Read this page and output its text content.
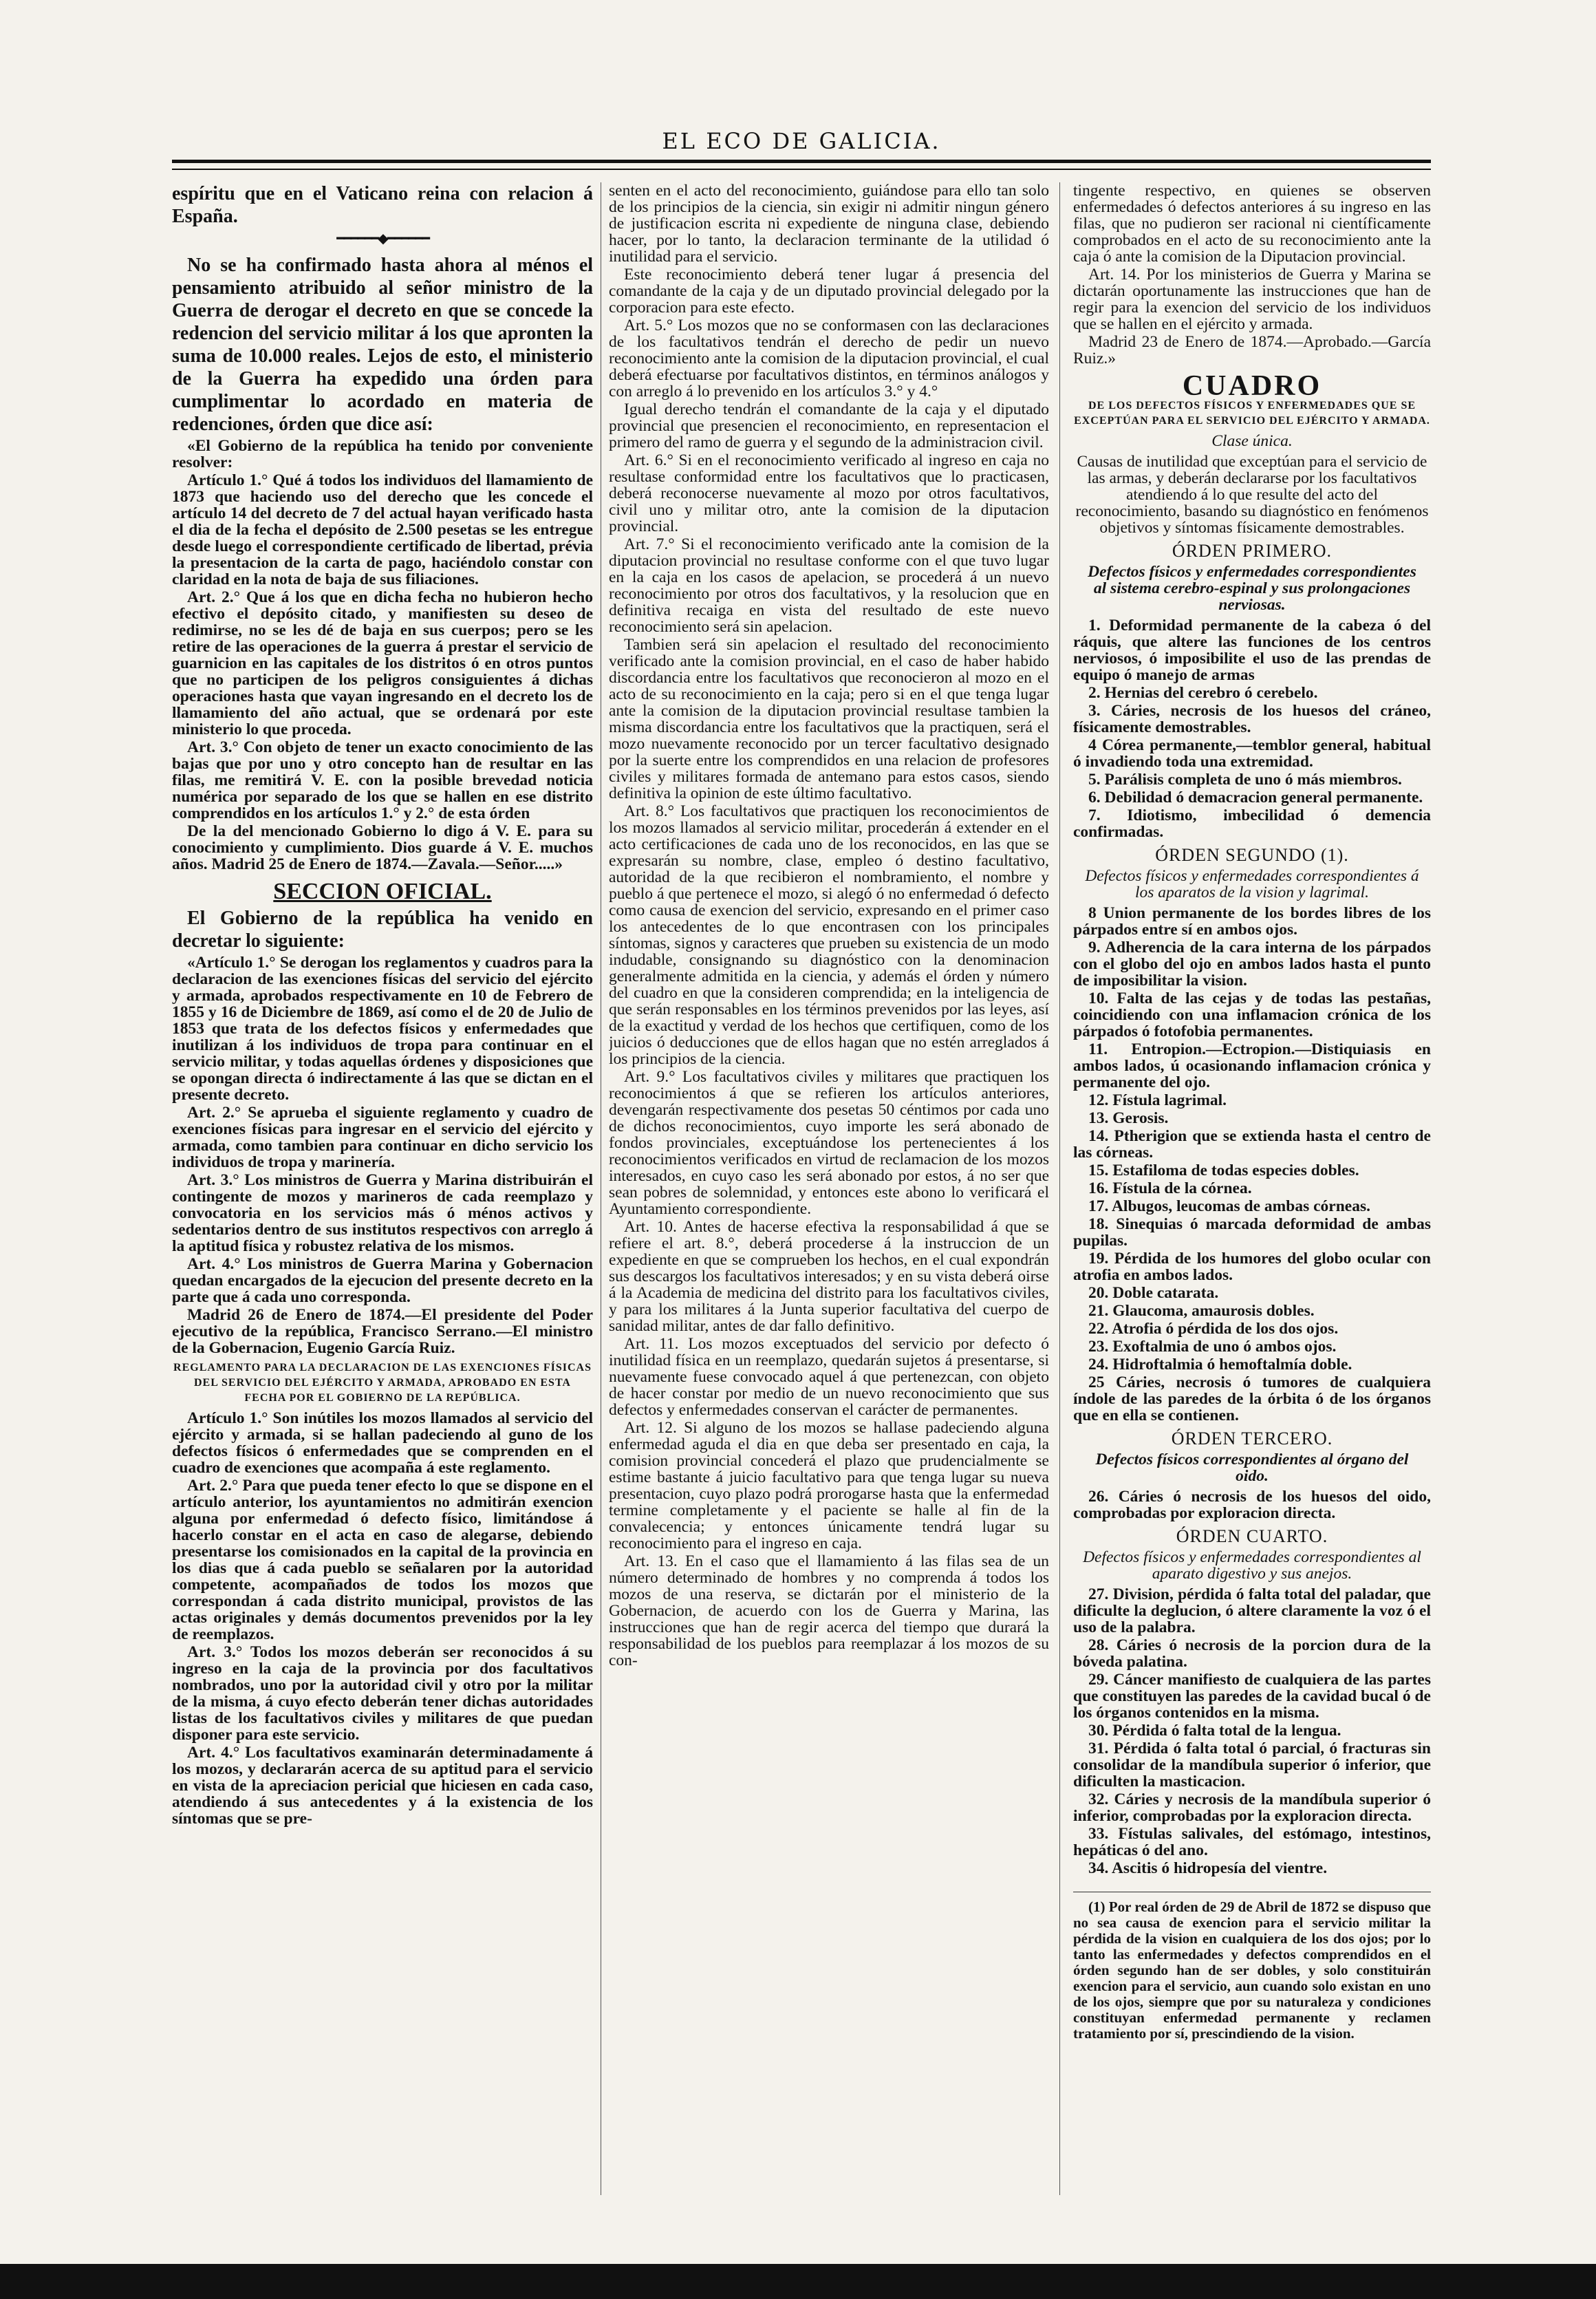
EL ECO DE GALICIA.

espíritu que en el Vaticano reina con relacion á España.

━━━━━━◆━━━━━━

No se ha confirmado hasta ahora al ménos el pensamiento atribuido al señor ministro de la Guerra de derogar el decreto en que se concede la redencion del servicio militar á los que apronten la suma de 10.000 reales. Lejos de esto, el ministerio de la Guerra ha expedido una órden para cumplimentar lo acordado en materia de redenciones, órden que dice así:

«El Gobierno de la república ha tenido por conveniente resolver:

Artículo 1.° Qué á todos los individuos del llamamiento de 1873 que haciendo uso del derecho que les concede el artículo 14 del decreto de 7 del actual hayan verificado hasta el dia de la fecha el depósito de 2.500 pesetas se les entregue desde luego el correspondiente certificado de libertad, prévia la presentacion de la carta de pago, haciéndolo constar con claridad en la nota de baja de sus filiaciones.

Art. 2.° Que á los que en dicha fecha no hubieron hecho efectivo el depósito citado, y manifiesten su deseo de redimirse, no se les dé de baja en sus cuerpos; pero se les retire de las operaciones de la guerra á prestar el servicio de guarnicion en las capitales de los distritos ó en otros puntos que no participen de los peligros consiguientes á dichas operaciones hasta que vayan ingresando en el decreto los de llamamiento del año actual, que se ordenará por este ministerio lo que proceda.

Art. 3.° Con objeto de tener un exacto conocimiento de las bajas que por uno y otro concepto han de resultar en las filas, me remitirá V. E. con la posible brevedad noticia numérica por separado de los que se hallen en ese distrito comprendidos en los artículos 1.° y 2.° de esta órden

De la del mencionado Gobierno lo digo á V. E. para su conocimiento y cumplimiento. Dios guarde á V. E. muchos años. Madrid 25 de Enero de 1874.—Zavala.—Señor.....»

SECCION OFICIAL.

El Gobierno de la república ha venido en decretar lo siguiente:

«Artículo 1.° Se derogan los reglamentos y cuadros para la declaracion de las exenciones físicas del servicio del ejército y armada, aprobados respectivamente en 10 de Febrero de 1855 y 16 de Diciembre de 1869, así como el de 20 de Julio de 1853 que trata de los defectos físicos y enfermedades que inutilizan á los individuos de tropa para continuar en el servicio militar, y todas aquellas órdenes y disposiciones que se opongan directa ó indirectamente á las que se dictan en el presente decreto.

Art. 2.° Se aprueba el siguiente reglamento y cuadro de exenciones físicas para ingresar en el servicio del ejército y armada, como tambien para continuar en dicho servicio los individuos de tropa y marinería.

Art. 3.° Los ministros de Guerra y Marina distribuirán el contingente de mozos y marineros de cada reemplazo y convocatoria en los servicios más ó ménos activos y sedentarios dentro de sus institutos respectivos con arreglo á la aptitud física y robustez relativa de los mismos.

Art. 4.° Los ministros de Guerra Marina y Gobernacion quedan encargados de la ejecucion del presente decreto en la parte que á cada uno corresponda.

Madrid 26 de Enero de 1874.—El presidente del Poder ejecutivo de la república, Francisco Serrano.—El ministro de la Gobernacion, Eugenio García Ruiz.

REGLAMENTO PARA LA DECLARACION DE LAS EXENCIONES FÍSICAS DEL SERVICIO DEL EJÉRCITO Y ARMADA, APROBADO EN ESTA FECHA POR EL GOBIERNO DE LA REPÚBLICA.

Artículo 1.° Son inútiles los mozos llamados al servicio del ejército y armada, si se hallan padeciendo al guno de los defectos físicos ó enfermedades que se comprenden en el cuadro de exenciones que acompaña á este reglamento.

Art. 2.° Para que pueda tener efecto lo que se dispone en el artículo anterior, los ayuntamientos no admitirán exencion alguna por enfermedad ó defecto físico, limitándose á hacerlo constar en el acta en caso de alegarse, debiendo presentarse los comisionados en la capital de la provincia en los dias que á cada pueblo se señalaren por la autoridad competente, acompañados de todos los mozos que correspondan á cada distrito municipal, provistos de las actas originales y demás documentos prevenidos por la ley de reemplazos.

Art. 3.° Todos los mozos deberán ser reconocidos á su ingreso en la caja de la provincia por dos facultativos nombrados, uno por la autoridad civil y otro por la militar de la misma, á cuyo efecto deberán tener dichas autoridades listas de los facultativos civiles y militares de que puedan disponer para este servicio.

Art. 4.° Los facultativos examinarán determinadamente á los mozos, y declararán acerca de su aptitud para el servicio en vista de la apreciacion pericial que hiciesen en cada caso, atendiendo á sus antecedentes y á la existencia de los síntomas que se pre-

senten en el acto del reconocimiento, guiándose para ello tan solo de los principios de la ciencia, sin exigir ni admitir ningun género de justificacion escrita ni expediente de ninguna clase, debiendo hacer, por lo tanto, la declaracion terminante de la utilidad ó inutilidad para el servicio.

Este reconocimiento deberá tener lugar á presencia del comandante de la caja y de un diputado provincial delegado por la corporacion para este efecto.

Art. 5.° Los mozos que no se conformasen con las declaraciones de los facultativos tendrán el derecho de pedir un nuevo reconocimiento ante la comision de la diputacion provincial, el cual deberá efectuarse por facultativos distintos, en términos análogos y con arreglo á lo prevenido en los artículos 3.° y 4.°

Igual derecho tendrán el comandante de la caja y el diputado provincial que presencien el reconocimiento, en representacion el primero del ramo de guerra y el segundo de la administracion civil.

Art. 6.° Si en el reconocimiento verificado al ingreso en caja no resultase conformidad entre los facultativos que lo practicasen, deberá reconocerse nuevamente al mozo por otros facultativos, civil uno y militar otro, ante la comision de la diputacion provincial.

Art. 7.° Si el reconocimiento verificado ante la comision de la diputacion provincial no resultase conforme con el que tuvo lugar en la caja en los casos de apelacion, se procederá á un nuevo reconocimiento por otros dos facultativos, y la resolucion que en definitiva recaiga en vista del resultado de este nuevo reconocimiento será sin apelacion.

Tambien será sin apelacion el resultado del reconocimiento verificado ante la comision provincial, en el caso de haber habido discordancia entre los facultativos que reconocieron al mozo en el acto de su reconocimiento en la caja; pero si en el que tenga lugar ante la comision de la diputacion provincial resultase tambien la misma discordancia entre los facultativos que la practiquen, será el mozo nuevamente reconocido por un tercer facultativo designado por la suerte entre los comprendidos en una relacion de profesores civiles y militares formada de antemano para estos casos, siendo definitiva la opinion de este último facultativo.

Art. 8.° Los facultativos que practiquen los reconocimientos de los mozos llamados al servicio militar, procederán á extender en el acto certificaciones de cada uno de los reconocidos, en las que se expresarán su nombre, clase, empleo ó destino facultativo, autoridad de la que recibieron el nombramiento, el nombre y pueblo á que pertenece el mozo, si alegó ó no enfermedad ó defecto como causa de exencion del servicio, expresando en el primer caso los antecedentes de lo que encontrasen con los principales síntomas, signos y caracteres que prueben su existencia de un modo indudable, consignando su diagnóstico con la denominacion generalmente admitida en la ciencia, y además el órden y número del cuadro en que la consideren comprendida; en la inteligencia de que serán responsables en los términos prevenidos por las leyes, así de la exactitud y verdad de los hechos que certifiquen, como de los juicios ó deducciones que de ellos hagan que no estén arreglados á los principios de la ciencia.

Art. 9.° Los facultativos civiles y militares que practiquen los reconocimientos á que se refieren los artículos anteriores, devengarán respectivamente dos pesetas 50 céntimos por cada uno de dichos reconocimientos, cuyo importe les será abonado de fondos provinciales, exceptuándose los pertenecientes á los reconocimientos verificados en virtud de reclamacion de los mozos interesados, en cuyo caso les será abonado por estos, á no ser que sean pobres de solemnidad, y entonces este abono lo verificará el Ayuntamiento correspondiente.

Art. 10. Antes de hacerse efectiva la responsabilidad á que se refiere el art. 8.°, deberá procederse á la instruccion de un expediente en que se comprueben los hechos, en el cual expondrán sus descargos los facultativos interesados; y en su vista deberá oirse á la Academia de medicina del distrito para los facultativos civiles, y para los militares á la Junta superior facultativa del cuerpo de sanidad militar, antes de dar fallo definitivo.

Art. 11. Los mozos exceptuados del servicio por defecto ó inutilidad física en un reemplazo, quedarán sujetos á presentarse, si nuevamente fuese convocado aquel á que pertenezcan, con objeto de hacer constar por medio de un nuevo reconocimiento que sus defectos y enfermedades conservan el carácter de permanentes.

Art. 12. Si alguno de los mozos se hallase padeciendo alguna enfermedad aguda el dia en que deba ser presentado en caja, la comision provincial concederá el plazo que prudencialmente se estime bastante á juicio facultativo para que tenga lugar su nueva presentacion, cuyo plazo podrá prorogarse hasta que la enfermedad termine completamente y el paciente se halle al fin de la convalecencia; y entonces únicamente tendrá lugar su reconocimiento para el ingreso en caja.

Art. 13. En el caso que el llamamiento á las filas sea de un número determinado de hombres y no comprenda á todos los mozos de una reserva, se dictarán por el ministerio de la Gobernacion, de acuerdo con los de Guerra y Marina, las instrucciones que han de regir acerca del tiempo que durará la responsabilidad de los pueblos para reemplazar á los mozos de su con-

tingente respectivo, en quienes se observen enfermedades ó defectos anteriores á su ingreso en las filas, que no pudieron ser racional ni científicamente comprobados en el acto de su reconocimiento ante la caja ó ante la comision de la Diputacion provincial.

Art. 14. Por los ministerios de Guerra y Marina se dictarán oportunamente las instrucciones que han de regir para la exencion del servicio de los individuos que se hallen en el ejército y armada.

Madrid 23 de Enero de 1874.—Aprobado.—García Ruiz.»

CUADRO
DE LOS DEFECTOS FÍSICOS Y ENFERMEDADES QUE SE EXCEPTÚAN PARA EL SERVICIO DEL EJÉRCITO Y ARMADA.

Clase única.

Causas de inutilidad que exceptúan para el servicio de las armas, y deberán declararse por los facultativos atendiendo á lo que resulte del acto del reconocimiento, basando su diagnóstico en fenómenos objetivos y síntomas físicamente demostrables.

ÓRDEN PRIMERO.

Defectos físicos y enfermedades correspondientes al sistema cerebro-espinal y sus prolongaciones nerviosas.

1. Deformidad permanente de la cabeza ó del ráquis, que altere las funciones de los centros nerviosos, ó imposibilite el uso de las prendas de equipo ó manejo de armas

2. Hernias del cerebro ó cerebelo.

3. Cáries, necrosis de los huesos del cráneo, físicamente demostrables.

4 Córea permanente,—temblor general, habitual ó invadiendo toda una extremidad.

5. Parálisis completa de uno ó más miembros.

6. Debilidad ó demacracion general permanente.

7. Idiotismo, imbecilidad ó demencia confirmadas.

ÓRDEN SEGUNDO (1).

Defectos físicos y enfermedades correspondientes á los aparatos de la vision y lagrimal.

8 Union permanente de los bordes libres de los párpados entre sí en ambos ojos.

9. Adherencia de la cara interna de los párpados con el globo del ojo en ambos lados hasta el punto de imposibilitar la vision.

10. Falta de las cejas y de todas las pestañas, coincidiendo con una inflamacion crónica de los párpados ó fotofobia permanentes.

11. Entropion.—Ectropion.—Distiquiasis en ambos lados, ú ocasionando inflamacion crónica y permanente del ojo.

12. Fístula lagrimal.

13. Gerosis.

14. Ptherigion que se extienda hasta el centro de las córneas.

15. Estafiloma de todas especies dobles.

16. Fístula de la córnea.

17. Albugos, leucomas de ambas córneas.

18. Sinequias ó marcada deformidad de ambas pupilas.

19. Pérdida de los humores del globo ocular con atrofia en ambos lados.

20. Doble catarata.

21. Glaucoma, amaurosis dobles.

22. Atrofia ó pérdida de los dos ojos.

23. Exoftalmia de uno ó ambos ojos.

24. Hidroftalmia ó hemoftalmía doble.

25 Cáries, necrosis ó tumores de cualquiera índole de las paredes de la órbita ó de los órganos que en ella se contienen.

ÓRDEN TERCERO.

Defectos físicos correspondientes al órgano del oido.

26. Cáries ó necrosis de los huesos del oido, comprobadas por exploracion directa.

ÓRDEN CUARTO.

Defectos físicos y enfermedades correspondientes al aparato digestivo y sus anejos.

27. Division, pérdida ó falta total del paladar, que dificulte la deglucion, ó altere claramente la voz ó el uso de la palabra.

28. Cáries ó necrosis de la porcion dura de la bóveda palatina.

29. Cáncer manifiesto de cualquiera de las partes que constituyen las paredes de la cavidad bucal ó de los órganos contenidos en la misma.

30. Pérdida ó falta total de la lengua.

31. Pérdida ó falta total ó parcial, ó fracturas sin consolidar de la mandíbula superior ó inferior, que dificulten la masticacion.

32. Cáries y necrosis de la mandíbula superior ó inferior, comprobadas por la exploracion directa.

33. Fístulas salivales, del estómago, intestinos, hepáticas ó del ano.

34. Ascitis ó hidropesía del vientre.

(1) Por real órden de 29 de Abril de 1872 se dispuso que no sea causa de exencion para el servicio militar la pérdida de la vision en cualquiera de los dos ojos; por lo tanto las enfermedades y defectos comprendidos en el órden segundo han de ser dobles, y solo constituirán exencion para el servicio, aun cuando solo existan en uno de los ojos, siempre que por su naturaleza y condiciones constituyan enfermedad permanente y reclamen tratamiento por sí, prescindiendo de la vision.
